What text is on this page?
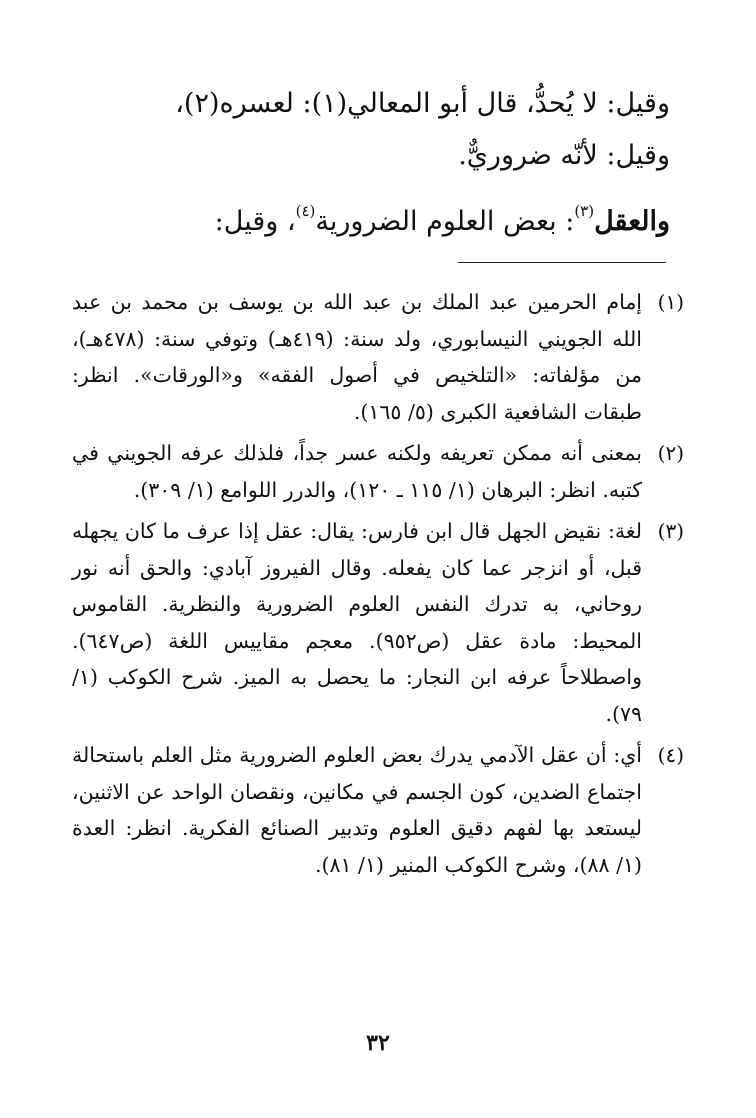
وقيل: لا يُحدُّ، قال أبو المعالي(١): لعسره(٢)،

وقيل: لأنّه ضروريٌّ.

والعقل$^{(٣)}$: بعض العلوم الضرورية$^{(٤)}$، وقيل:

(١)
إمام الحرمين عبد الملك بن عبد الله بن يوسف بن محمد بن عبد الله الجويني النيسابوري، ولد سنة: (٤١٩هـ) وتوفي سنة: (٤٧٨هـ)، من مؤلفاته: «التلخيص في أصول الفقه» و«الورقات». انظر: طبقات الشافعية الكبرى (٥/ ١٦٥).
(٢)
بمعنى أنه ممكن تعريفه ولكنه عسر جداً، فلذلك عرفه الجويني في كتبه. انظر: البرهان (١/ ١١٥ ـ ١٢٠)، والدرر اللوامع (١/ ٣٠٩).
(٣)
لغة: نقيض الجهل قال ابن فارس: يقال: عقل إذا عرف ما كان يجهله قبل، أو انزجر عما كان يفعله. وقال الفيروز آبادي: والحق أنه نور روحاني، به تدرك النفس العلوم الضرورية والنظرية. القاموس المحيط: مادة عقل (ص٩٥٢). معجم مقاييس اللغة (ص٦٤٧). واصطلاحاً عرفه ابن النجار: ما يحصل به الميز. شرح الكوكب (١/ ٧٩).
(٤)
أي: أن عقل الآدمي يدرك بعض العلوم الضرورية مثل العلم باستحالة اجتماع الضدين، كون الجسم في مكانين، ونقصان الواحد عن الاثنين، ليستعد بها لفهم دقيق العلوم وتدبير الصنائع الفكرية. انظر: العدة (١/ ٨٨)، وشرح الكوكب المنير (١/ ٨١).
٣٢
